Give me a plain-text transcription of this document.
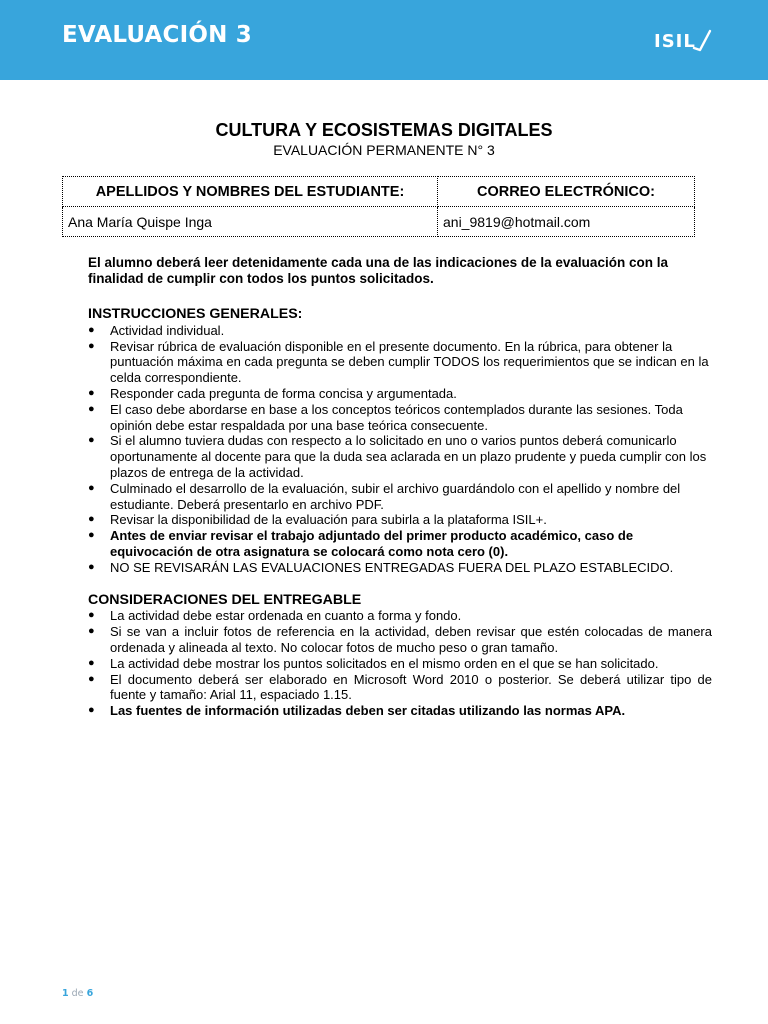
EVALUACIÓN 3	ISIL
CULTURA Y ECOSISTEMAS DIGITALES
EVALUACIÓN PERMANENTE N° 3
APELLIDOS Y NOMBRES DEL ESTUDIANTE:	CORREO ELECTRÓNICO:
Ana María Quispe Inga	ani_9819@hotmail.com

El alumno deberá leer detenidamente cada una de las indicaciones de la evaluación con la finalidad de cumplir con todos los puntos solicitados.

INSTRUCCIONES GENERALES:

● Actividad individual.
● Revisar rúbrica de evaluación disponible en el presente documento. En la rúbrica, para obtener la puntuación máxima en cada pregunta se deben cumplir TODOS los requerimientos que se indican en la celda correspondiente.
● Responder cada pregunta de forma concisa y argumentada.
● El caso debe abordarse en base a los conceptos teóricos contemplados durante las sesiones. Toda opinión debe estar respaldada por una base teórica consecuente.
● Si el alumno tuviera dudas con respecto a lo solicitado en uno o varios puntos deberá comunicarlo oportunamente al docente para que la duda sea aclarada en un plazo prudente y pueda cumplir con los plazos de entrega de la actividad.
● Culminado el desarrollo de la evaluación, subir el archivo guardándolo con el apellido y nombre del estudiante. Deberá presentarlo en archivo PDF.
● Revisar la disponibilidad de la evaluación para subirla a la plataforma ISIL+.
● Antes de enviar revisar el trabajo adjuntado del primer producto académico, caso de equivocación de otra asignatura se colocará como nota cero (0).
● NO SE REVISARÁN LAS EVALUACIONES ENTREGADAS FUERA DEL PLAZO ESTABLECIDO.

CONSIDERACIONES DEL ENTREGABLE

● La actividad debe estar ordenada en cuanto a forma y fondo.
● Si se van a incluir fotos de referencia en la actividad, deben revisar que estén colocadas de manera ordenada y alineada al texto. No colocar fotos de mucho peso o gran tamaño.
● La actividad debe mostrar los puntos solicitados en el mismo orden en el que se han solicitado.
● El documento deberá ser elaborado en Microsoft Word 2010 o posterior. Se deberá utilizar tipo de fuente y tamaño: Arial 11, espaciado 1.15.
● Las fuentes de información utilizadas deben ser citadas utilizando las normas APA.
1 de 6
